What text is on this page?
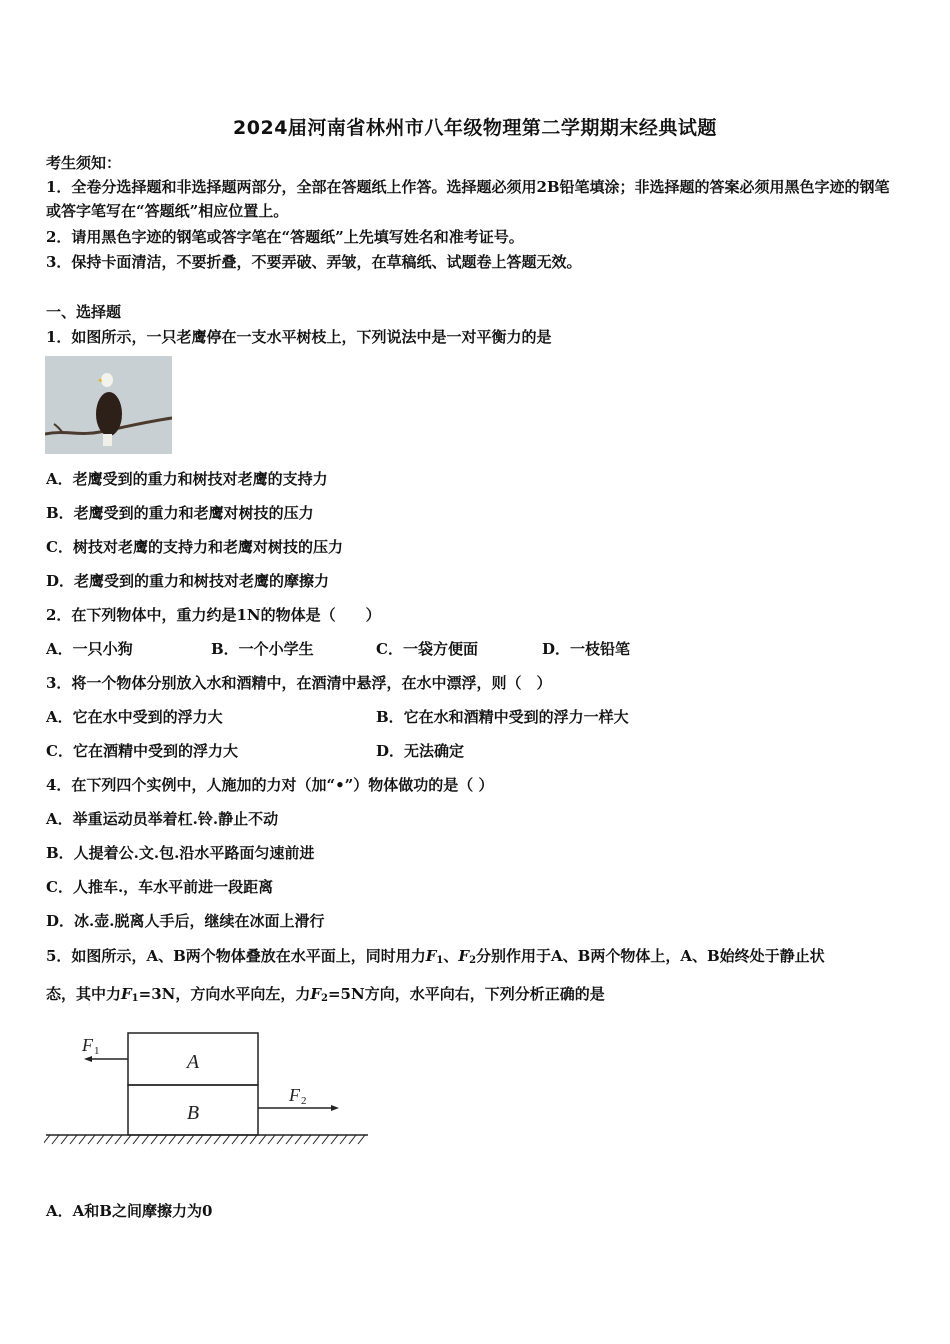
2024届河南省林州市八年级物理第二学期期末经典试题
考生须知：
1．全卷分选择题和非选择题两部分，全部在答题纸上作答。选择题必须用2B铅笔填涂；非选择题的答案必须用黑色字迹的钢笔或答字笔写在“答题纸”相应位置上。
2．请用黑色字迹的钢笔或答字笔在“答题纸”上先填写姓名和准考证号。
3．保持卡面清洁，不要折叠，不要弄破、弄皱，在草稿纸、试题卷上答题无效。
一、选择题
1．如图所示，一只老鹰停在一支水平树枝上，下列说法中是一对平衡力的是
A．老鹰受到的重力和树技对老鹰的支持力
B．老鹰受到的重力和老鹰对树技的压力
C．树技对老鹰的支持力和老鹰对树技的压力
D．老鹰受到的重力和树技对老鹰的摩擦力
2．在下列物体中，重力约是1N的物体是（　　）
A．一只小狗	B．一个小学生	C．一袋方便面	D．一枝铅笔
3．将一个物体分别放入水和酒精中，在酒清中悬浮，在水中漂浮，则（　）
A．它在水中受到的浮力大	B．它在水和酒精中受到的浮力一样大
C．它在酒精中受到的浮力大	D．无法确定
4．在下列四个实例中，人施加的力对（加“•”）物体做功的是（ ）
A．举重运动员举着杠.铃.静止不动
B．人提着公.文.包.沿水平路面匀速前进
C．人推车.，车水平前进一段距离
D．冰.壶.脱离人手后，继续在冰面上滑行
5．如图所示，A、B两个物体叠放在水平面上，同时用力$F_1$、$F_2$分别作用于A、B两个物体上，A、B始终处于静止状
态，其中力$F_1=3N$，方向水平向左，力$F_2=5N$方向，水平向右，下列分析正确的是
A
B
F 1
F 2
A．A和B之间摩擦力为0
